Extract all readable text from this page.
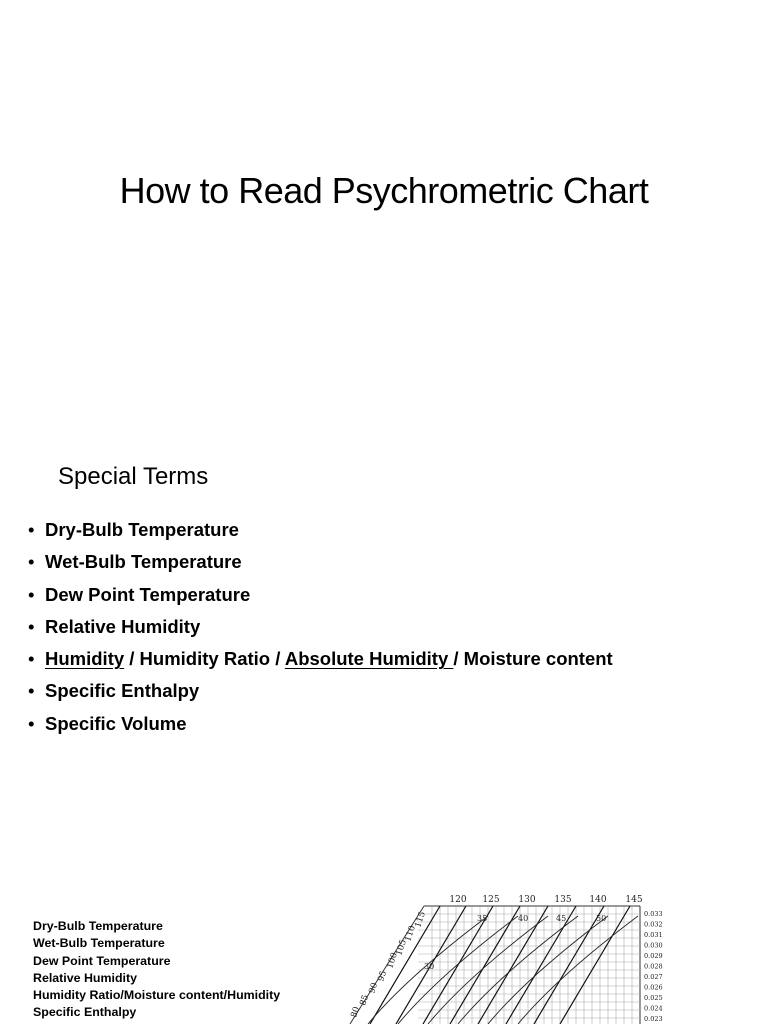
How to Read Psychrometric Chart
Special Terms
• Dry-Bulb Temperature
• Wet-Bulb Temperature
• Dew Point Temperature
• Relative Humidity
• Humidity / Humidity Ratio / Absolute Humidity / Moisture content
• Specific Enthalpy
• Specific Volume
Dry-Bulb Temperature
Wet-Bulb Temperature
Dew Point Temperature
Relative Humidity
Humidity Ratio/Moisture content/Humidity
Specific Enthalpy
120 125 130 135 140 145
80
85
90
95
100
105
110
115	0.033
0.032
0.031
0.030
0.029
0.028
0.027
0.026
0.025
0.024
0.023
30
35	40	45	50
